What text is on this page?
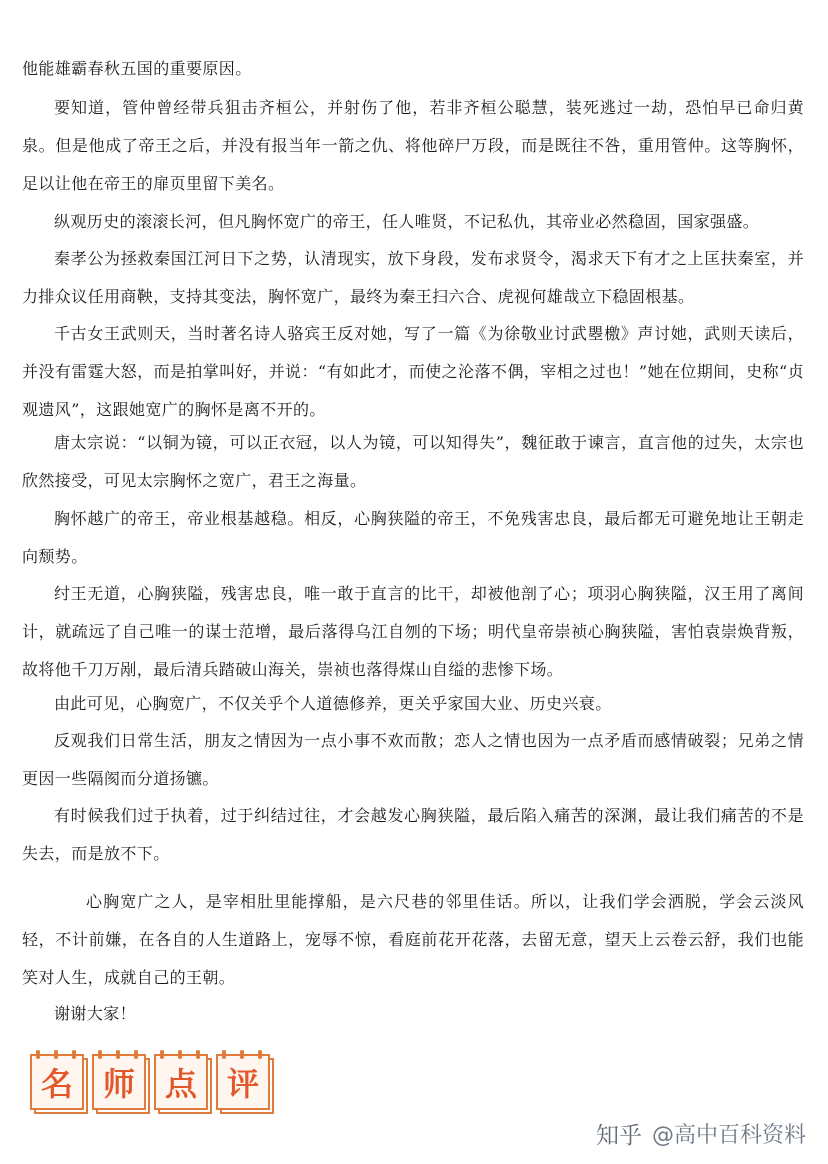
他能雄霸春秋五国的重要原因。

要知道，管仲曾经带兵狙击齐桓公，并射伤了他，若非齐桓公聪慧，装死逃过一劫，恐怕早已命归黄泉。但是他成了帝王之后，并没有报当年一箭之仇、将他碎尸万段，而是既往不咎，重用管仲。这等胸怀，足以让他在帝王的扉页里留下美名。

纵观历史的滚滚长河，但凡胸怀宽广的帝王，任人唯贤，不记私仇，其帝业必然稳固，国家强盛。

秦孝公为拯救秦国江河日下之势，认清现实，放下身段，发布求贤令，渴求天下有才之上匡扶秦室，并力排众议任用商鞅，支持其变法，胸怀宽广，最终为秦王扫六合、虎视何雄哉立下稳固根基。

千古女王武则天，当时著名诗人骆宾王反对她，写了一篇《为徐敬业讨武瞾檄》声讨她，武则天读后，并没有雷霆大怒，而是拍掌叫好，并说：“有如此才，而使之沦落不偶，宰相之过也！”她在位期间，史称“贞观遗风”，这跟她宽广的胸怀是离不开的。

唐太宗说：“以铜为镜，可以正衣冠，以人为镜，可以知得失”，魏征敢于谏言，直言他的过失，太宗也欣然接受，可见太宗胸怀之宽广，君王之海量。

胸怀越广的帝王，帝业根基越稳。相反，心胸狭隘的帝王，不免残害忠良，最后都无可避免地让王朝走向颓势。

纣王无道，心胸狭隘，残害忠良，唯一敢于直言的比干，却被他剖了心；项羽心胸狭隘，汉王用了离间计，就疏远了自己唯一的谋士范增，最后落得乌江自刎的下场；明代皇帝崇祯心胸狭隘，害怕袁崇焕背叛，故将他千刀万剐，最后清兵踏破山海关，崇祯也落得煤山自缢的悲惨下场。

由此可见，心胸宽广，不仅关乎个人道德修养，更关乎家国大业、历史兴衰。

反观我们日常生活，朋友之情因为一点小事不欢而散；恋人之情也因为一点矛盾而感情破裂；兄弟之情更因一些隔阂而分道扬镳。

有时候我们过于执着，过于纠结过往，才会越发心胸狭隘，最后陷入痛苦的深渊，最让我们痛苦的不是失去，而是放不下。

心胸宽广之人，是宰相肚里能撑船，是六尺巷的邻里佳话。所以，让我们学会洒脱，学会云淡风轻，不计前嫌，在各自的人生道路上，宠辱不惊，看庭前花开花落，去留无意，望天上云卷云舒，我们也能笑对人生，成就自己的王朝。

谢谢大家！

名 师 点 评
知乎 @高中百科资料
